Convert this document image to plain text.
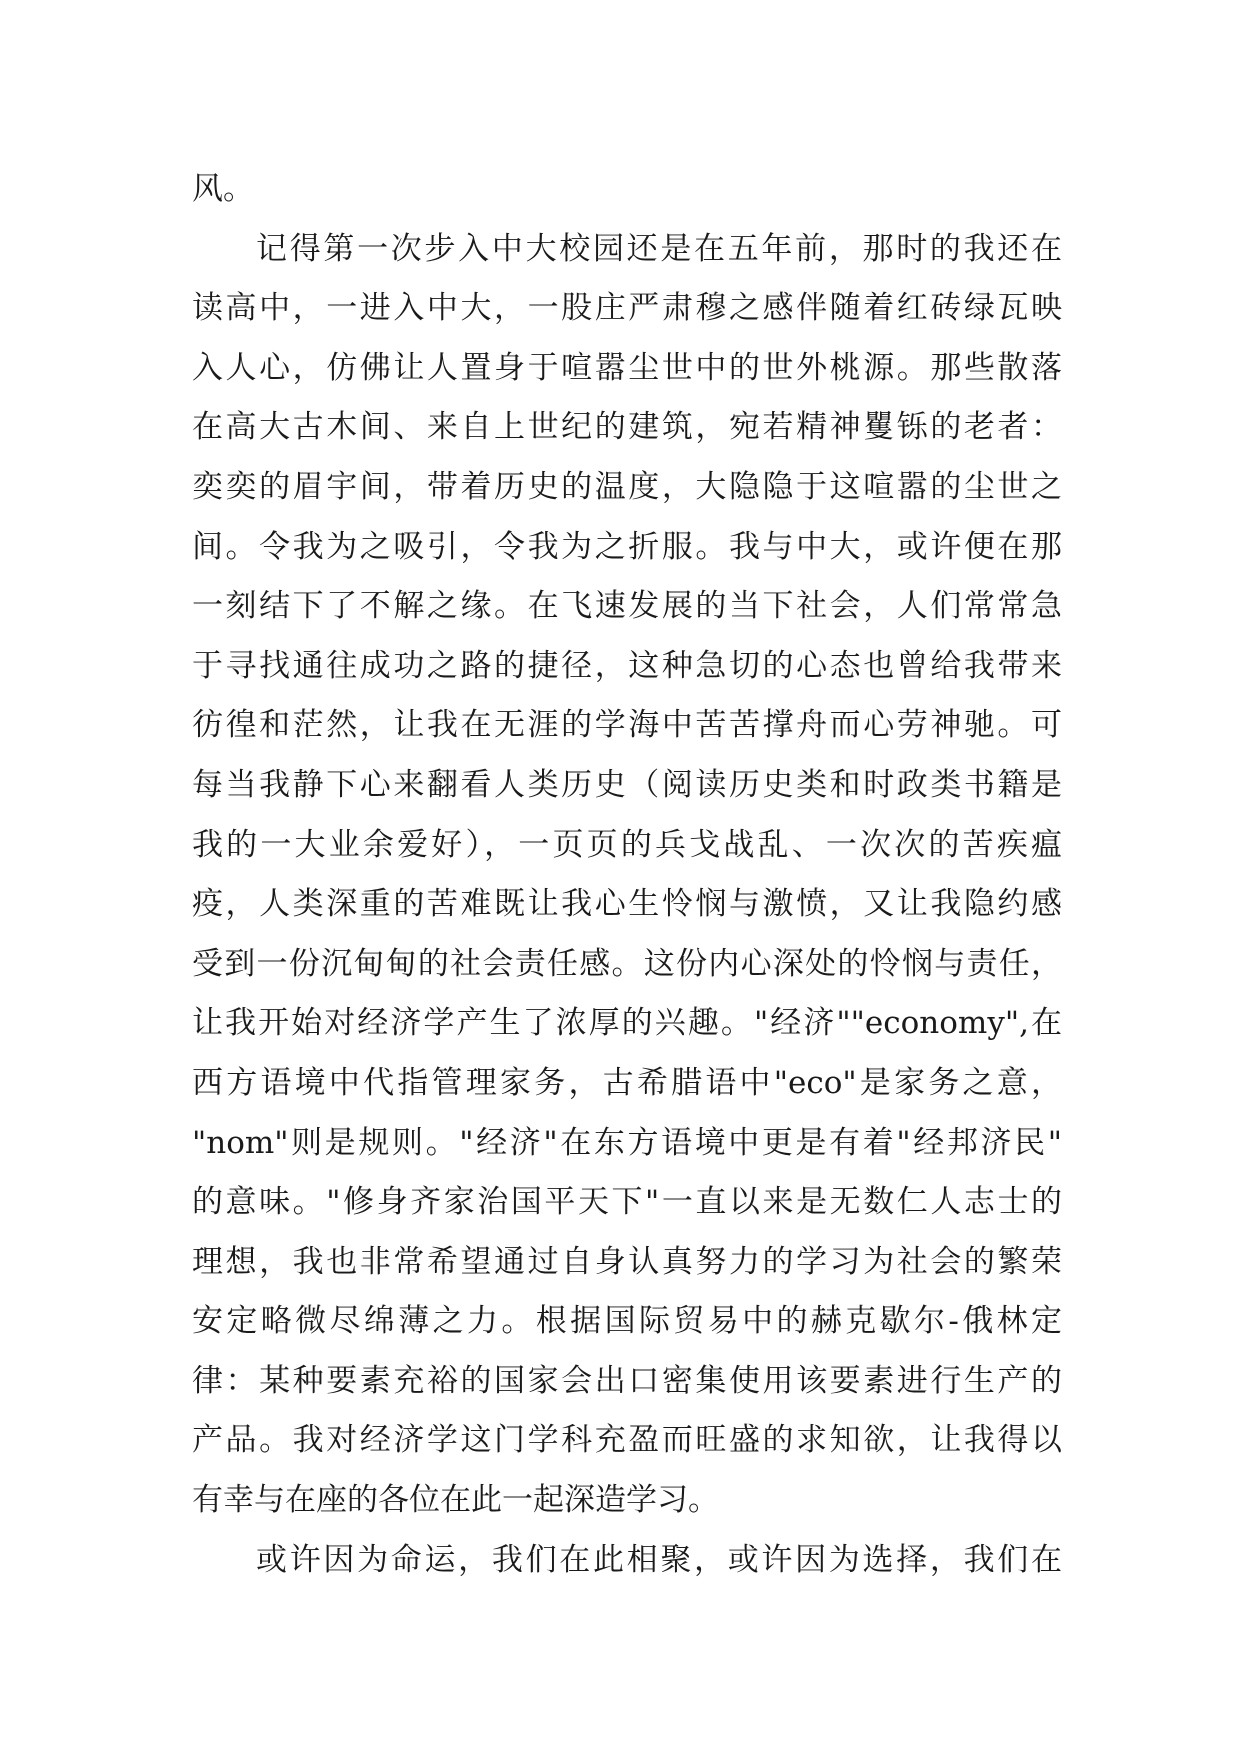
风。
记得第一次步入中大校园还是在五年前，那时的我还在
读高中，一进入中大，一股庄严肃穆之感伴随着红砖绿瓦映
入人心，仿佛让人置身于喧嚣尘世中的世外桃源。那些散落
在高大古木间、来自上世纪的建筑，宛若精神矍铄的老者：
奕奕的眉宇间，带着历史的温度，大隐隐于这喧嚣的尘世之
间。令我为之吸引，令我为之折服。我与中大，或许便在那
一刻结下了不解之缘。在飞速发展的当下社会，人们常常急
于寻找通往成功之路的捷径，这种急切的心态也曾给我带来
彷徨和茫然，让我在无涯的学海中苦苦撑舟而心劳神驰。可
每当我静下心来翻看人类历史（阅读历史类和时政类书籍是
我的一大业余爱好），一页页的兵戈战乱、一次次的苦疾瘟
疫，人类深重的苦难既让我心生怜悯与激愤，又让我隐约感
受到一份沉甸甸的社会责任感。这份内心深处的怜悯与责任，
让我开始对经济学产生了浓厚的兴趣。"经济""economy",在
西方语境中代指管理家务，古希腊语中"eco"是家务之意，
"nom"则是规则。"经济"在东方语境中更是有着"经邦济民"
的意味。"修身齐家治国平天下"一直以来是无数仁人志士的
理想，我也非常希望通过自身认真努力的学习为社会的繁荣
安定略微尽绵薄之力。根据国际贸易中的赫克歇尔-俄林定
律：某种要素充裕的国家会出口密集使用该要素进行生产的
产品。我对经济学这门学科充盈而旺盛的求知欲，让我得以
有幸与在座的各位在此一起深造学习。
或许因为命运，我们在此相聚，或许因为选择，我们在
